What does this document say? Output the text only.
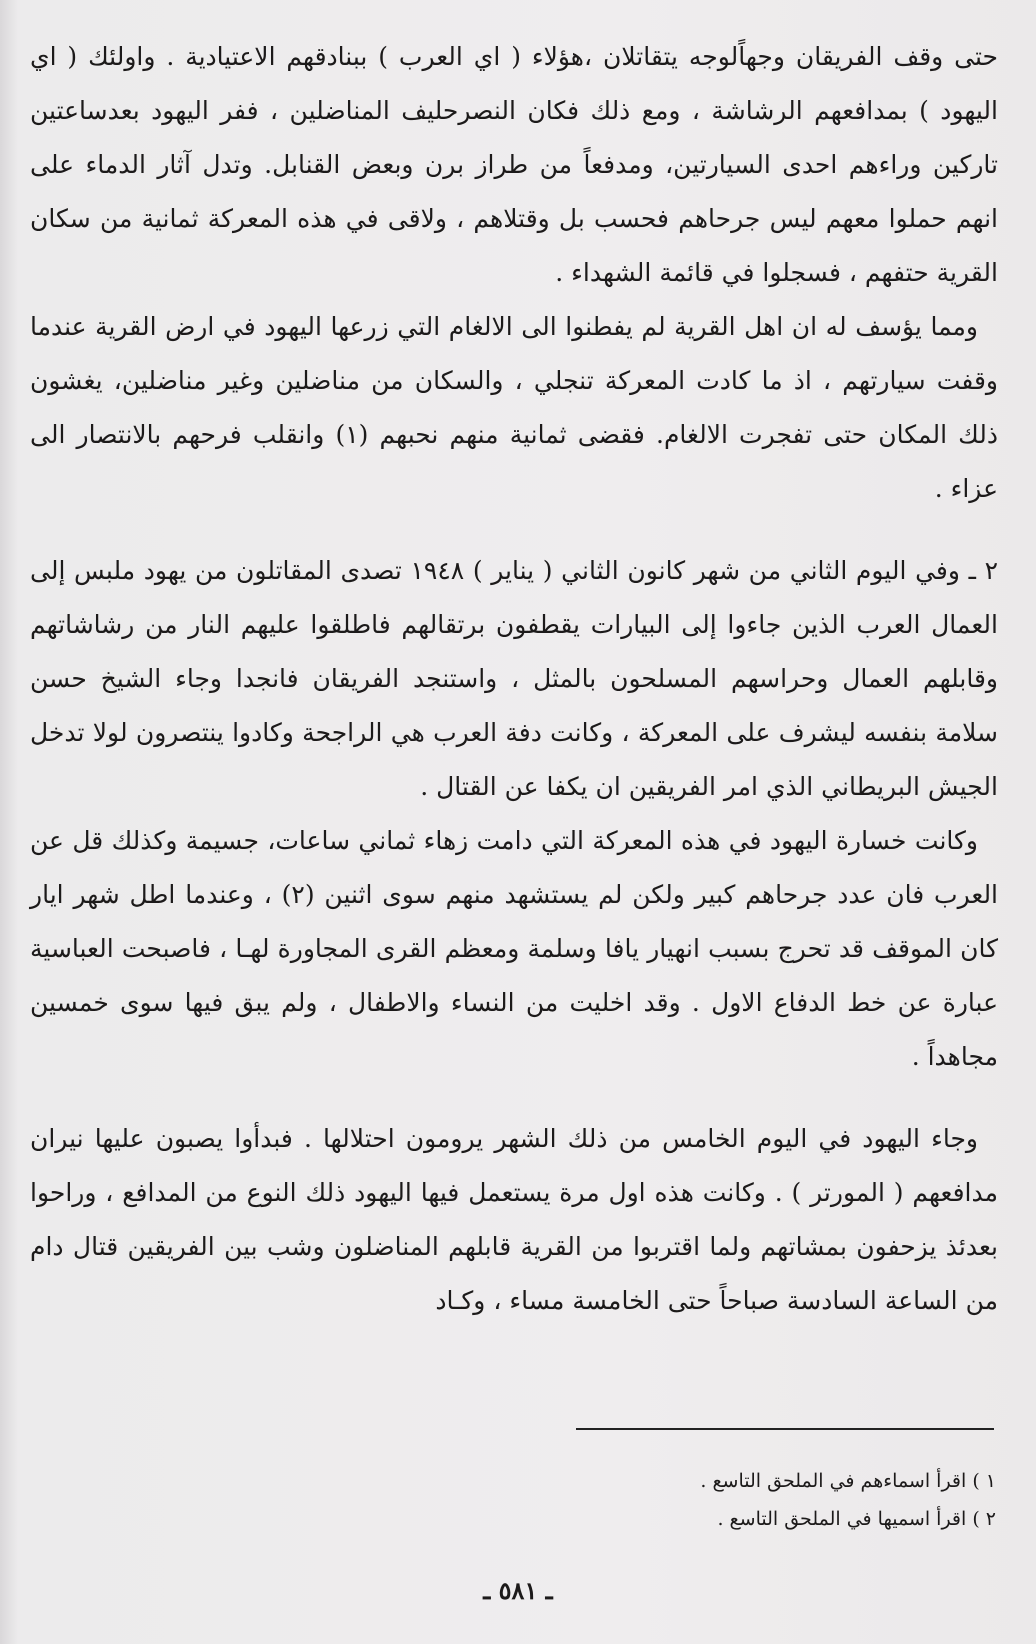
حتى وقف الفريقان وجهاًلوجه يتقاتلان ،هؤلاء ( اي العرب ) ببنادقهم الاعتيادية . واولئك ( اي اليهود ) بمدافعهم الرشاشة ، ومع ذلك فكان النصرحليف المناضلين ، ففر اليهود بعدساعتين تاركين وراءهم احدى السيارتين، ومدفعاً من طراز برن وبعض القنابل. وتدل آثار الدماء على انهم حملوا معهم ليس جرحاهم فحسب بل وقتلاهم ، ولاقى في هذه المعركة ثمانية من سكان القرية حتفهم ، فسجلوا في قائمة الشهداء .

ومما يؤسف له ان اهل القرية لم يفطنوا الى الالغام التي زرعها اليهود في ارض القرية عندما وقفت سيارتهم ، اذ ما كادت المعركة تنجلي ، والسكان من مناضلين وغير مناضلين، يغشون ذلك المكان حتى تفجرت الالغام. فقضى ثمانية منهم نحبهم (١) وانقلب فرحهم بالانتصار الى عزاء .

٢ ـ وفي اليوم الثاني من شهر كانون الثاني ( يناير ) ١٩٤٨ تصدى المقاتلون من يهود ملبس إلى العمال العرب الذين جاءوا إلى البيارات يقطفون برتقالهم فاطلقوا عليهم النار من رشاشاتهم وقابلهم العمال وحراسهم المسلحون بالمثل ، واستنجد الفريقان فانجدا وجاء الشيخ حسن سلامة بنفسه ليشرف على المعركة ، وكانت دفة العرب هي الراجحة وكادوا ينتصرون لولا تدخل الجيش البريطاني الذي امر الفريقين ان يكفا عن القتال .

وكانت خسارة اليهود في هذه المعركة التي دامت زهاء ثماني ساعات، جسيمة وكذلك قل عن العرب فان عدد جرحاهم كبير ولكن لم يستشهد منهم سوى اثنين (٢) ، وعندما اطل شهر ايار كان الموقف قد تحرج بسبب انهيار يافا وسلمة ومعظم القرى المجاورة لهـا ، فاصبحت العباسية عبارة عن خط الدفاع الاول . وقد اخليت من النساء والاطفال ، ولم يبق فيها سوى خمسين مجاهداً .

وجاء اليهود في اليوم الخامس من ذلك الشهر يرومون احتلالها . فبدأوا يصبون عليها نيران مدافعهم ( المورتر ) . وكانت هذه اول مرة يستعمل فيها اليهود ذلك النوع من المدافع ، وراحوا بعدئذ يزحفون بمشاتهم ولما اقتربوا من القرية قابلهم المناضلون وشب بين الفريقين قتال دام من الساعة السادسة صباحاً حتى الخامسة مساء ، وكـاد

١ ) اقرأ اسماءهم في الملحق التاسع .

٢ ) اقرأ اسميها في الملحق التاسع .

ـ ٥٨١ ـ
